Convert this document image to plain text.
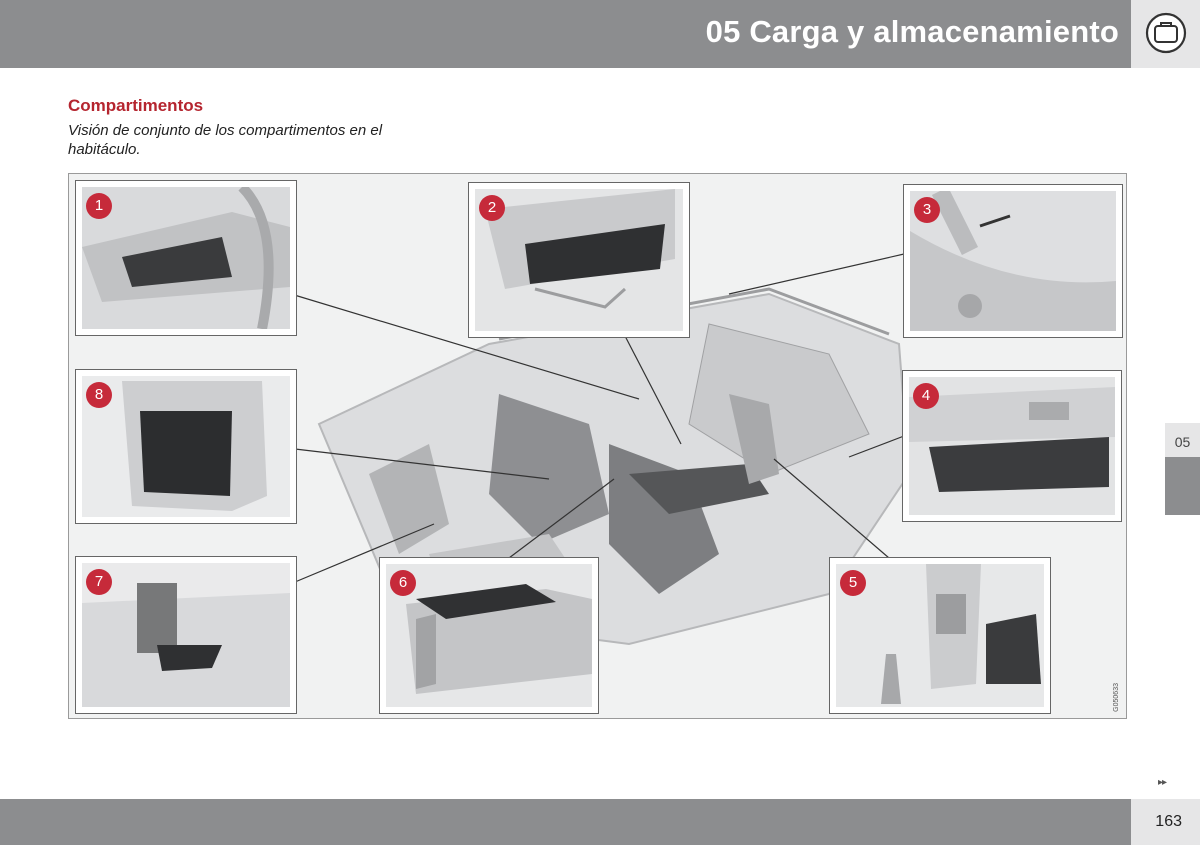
05 Carga y almacenamiento
Compartimentos
Visión de conjunto de los compartimentos en el habitáculo.
1	2	3
8	4
7	6	5
G050633
05
▸▸
163
